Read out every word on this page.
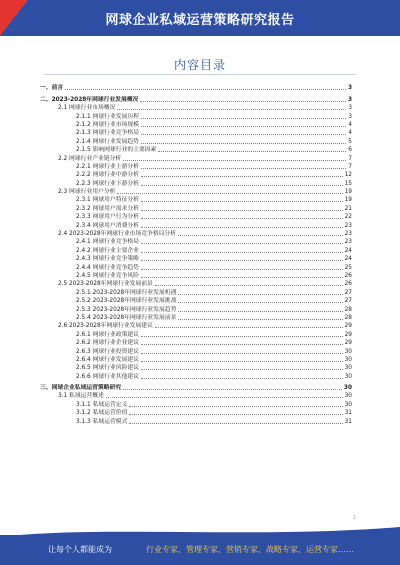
网球企业私域运营策略研究报告
内容目录
一、前言	3
二、2023-2028年网球行业发展概况	3
2.1 网球行业市场概况	3
2.1.1 网球行业发展历程	3
2.1.2 网球行业市场规模	4
2.1.3 网球行业竞争格局	4
2.1.4 网球行业发展趋势	5
2.1.5 影响网球行业的主要因素	6
2.2 网球行业产业链分析	7
2.2.1 网球行业上游分析	7
2.2.2 网球行业中游分析	12
2.2.3 网球行业下游分析	15
2.3 网球行业用户分析	19
2.3.1 网球用户特征分析	19
2.3.2 网球用户需求分析	21
2.3.3 网球用户行为分析	22
2.3.4 网球用户消费分析	23
2.4 2023-2028年网球行业市场竞争格局分析	23
2.4.1 网球行业竞争格局	23
2.4.2 网球行业主要企业	24
2.4.3 网球行业竞争策略	24
2.4.4 网球行业竞争趋势	25
2.4.5 网球行业竞争风险	26
2.5 2023-2028年网球行业发展前景	26
2.5.1 2023-2028年网球行业发展机遇	27
2.5.2 2023-2028年网球行业发展挑战	27
2.5.3 2023-2028年网球行业发展趋势	28
2.5.4 2023-2028年网球行业发展前景	28
2.6 2023-2028年网球行业发展建议	29
2.6.1 网球行业政策建议	29
2.6.2 网球行业企业建议	29
2.6.3 网球行业投资建议	30
2.6.4 网球行业发展建议	30
2.6.5 网球行业风险建议	30
2.6.6 网球行业其他建议	30
三、网球企业私域运营策略研究	30
3.1 私域运营概述	30
3.1.1 私域运营定义	30
3.1.2 私域运营价值	31
3.1.3 私域运营模式	31
1
让每个人都能成为	行业专家、管理专家、营销专家、战略专家、运营专家……
